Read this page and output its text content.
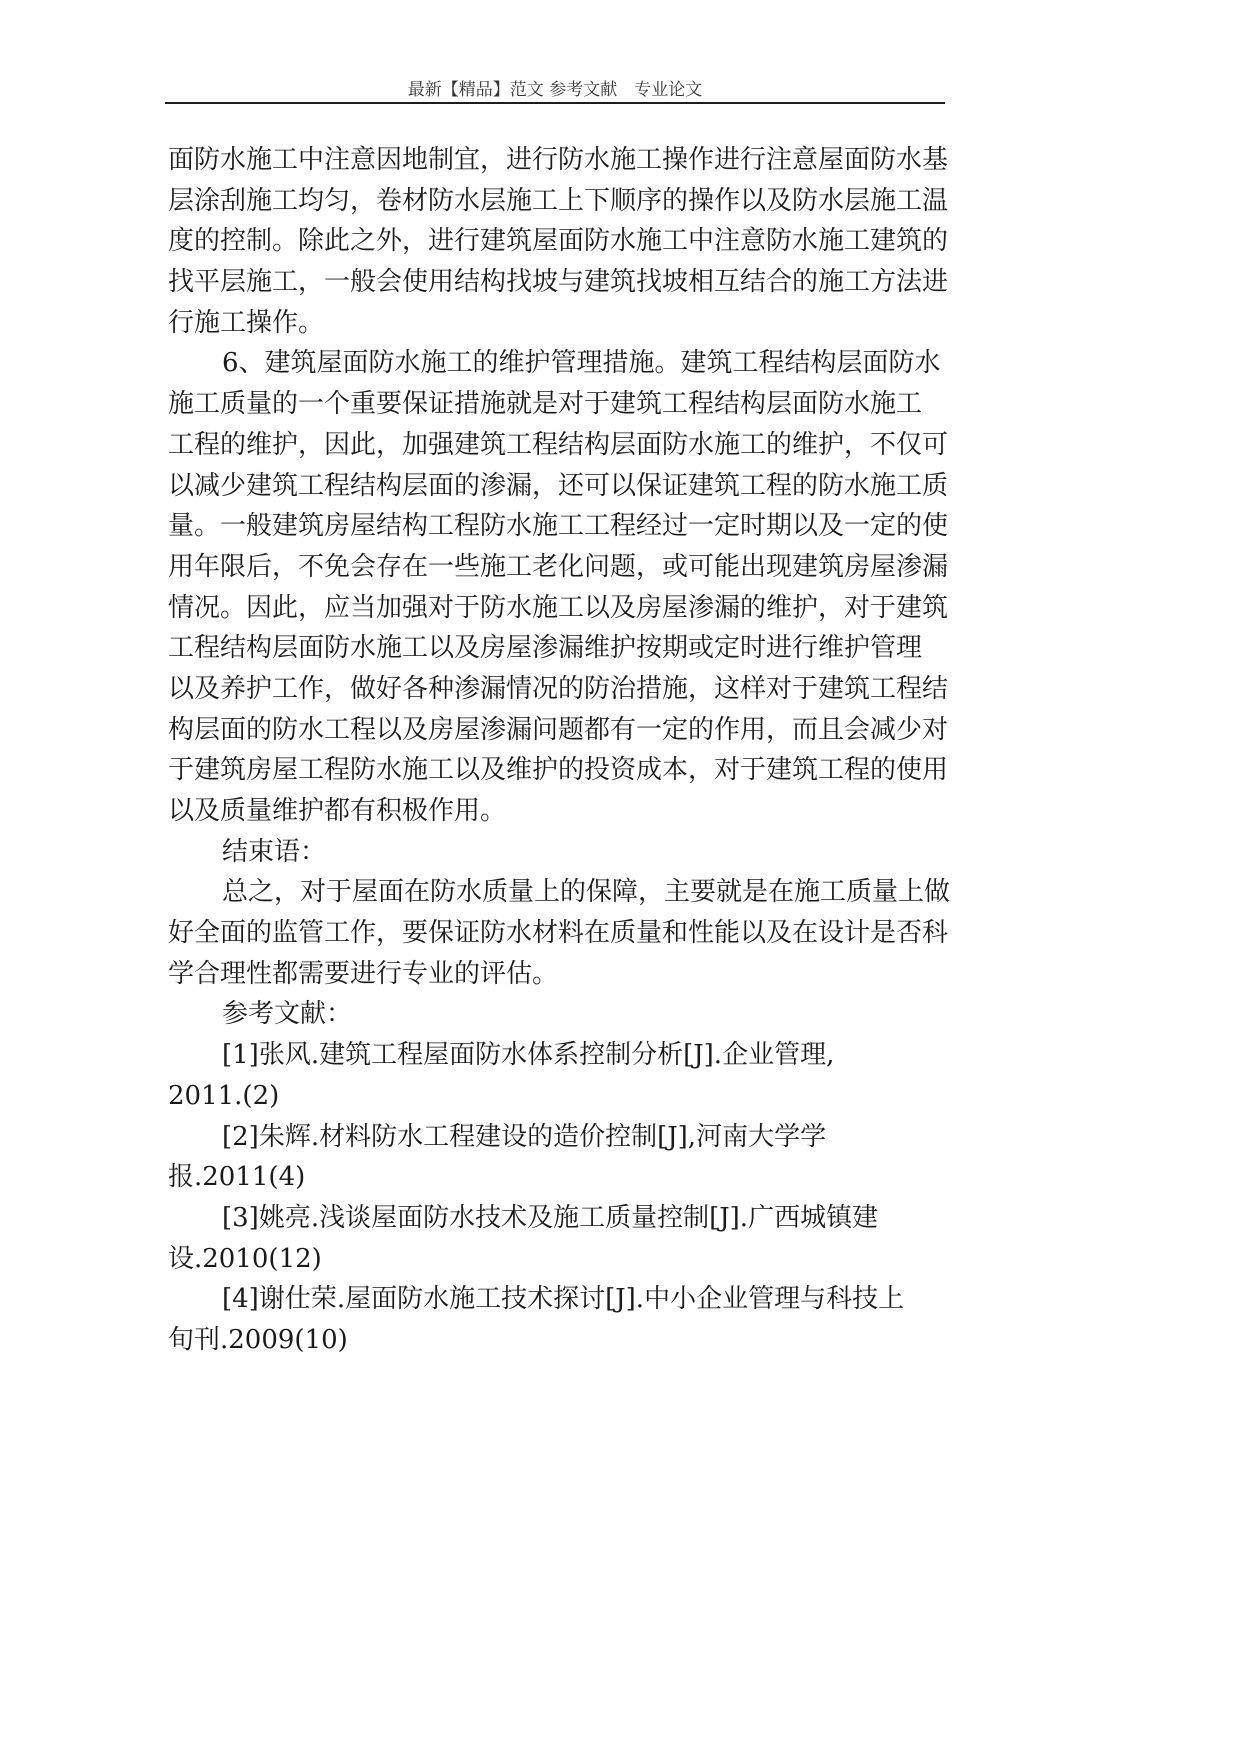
最新【精品】范文 参考文献　专业论文
面防水施工中注意因地制宜，进行防水施工操作进行注意屋面防水基
层涂刮施工均匀，卷材防水层施工上下顺序的操作以及防水层施工温
度的控制。除此之外，进行建筑屋面防水施工中注意防水施工建筑的
找平层施工，一般会使用结构找坡与建筑找坡相互结合的施工方法进
行施工操作。
6、建筑屋面防水施工的维护管理措施。建筑工程结构层面防水
施工质量的一个重要保证措施就是对于建筑工程结构层面防水施工
工程的维护，因此，加强建筑工程结构层面防水施工的维护，不仅可
以减少建筑工程结构层面的渗漏，还可以保证建筑工程的防水施工质
量。一般建筑房屋结构工程防水施工工程经过一定时期以及一定的使
用年限后，不免会存在一些施工老化问题，或可能出现建筑房屋渗漏
情况。因此，应当加强对于防水施工以及房屋渗漏的维护，对于建筑
工程结构层面防水施工以及房屋渗漏维护按期或定时进行维护管理
以及养护工作，做好各种渗漏情况的防治措施，这样对于建筑工程结
构层面的防水工程以及房屋渗漏问题都有一定的作用，而且会减少对
于建筑房屋工程防水施工以及维护的投资成本，对于建筑工程的使用
以及质量维护都有积极作用。
结束语：
总之，对于屋面在防水质量上的保障，主要就是在施工质量上做
好全面的监管工作，要保证防水材料在质量和性能以及在设计是否科
学合理性都需要进行专业的评估。
参考文献：
[1]张风.建筑工程屋面防水体系控制分析[J].企业管理,
2011.(2)
[2]朱辉.材料防水工程建设的造价控制[J],河南大学学
报.2011(4)
[3]姚亮.浅谈屋面防水技术及施工质量控制[J].广西城镇建
设.2010(12)
[4]谢仕荣.屋面防水施工技术探讨[J].中小企业管理与科技上
旬刊.2009(10)
